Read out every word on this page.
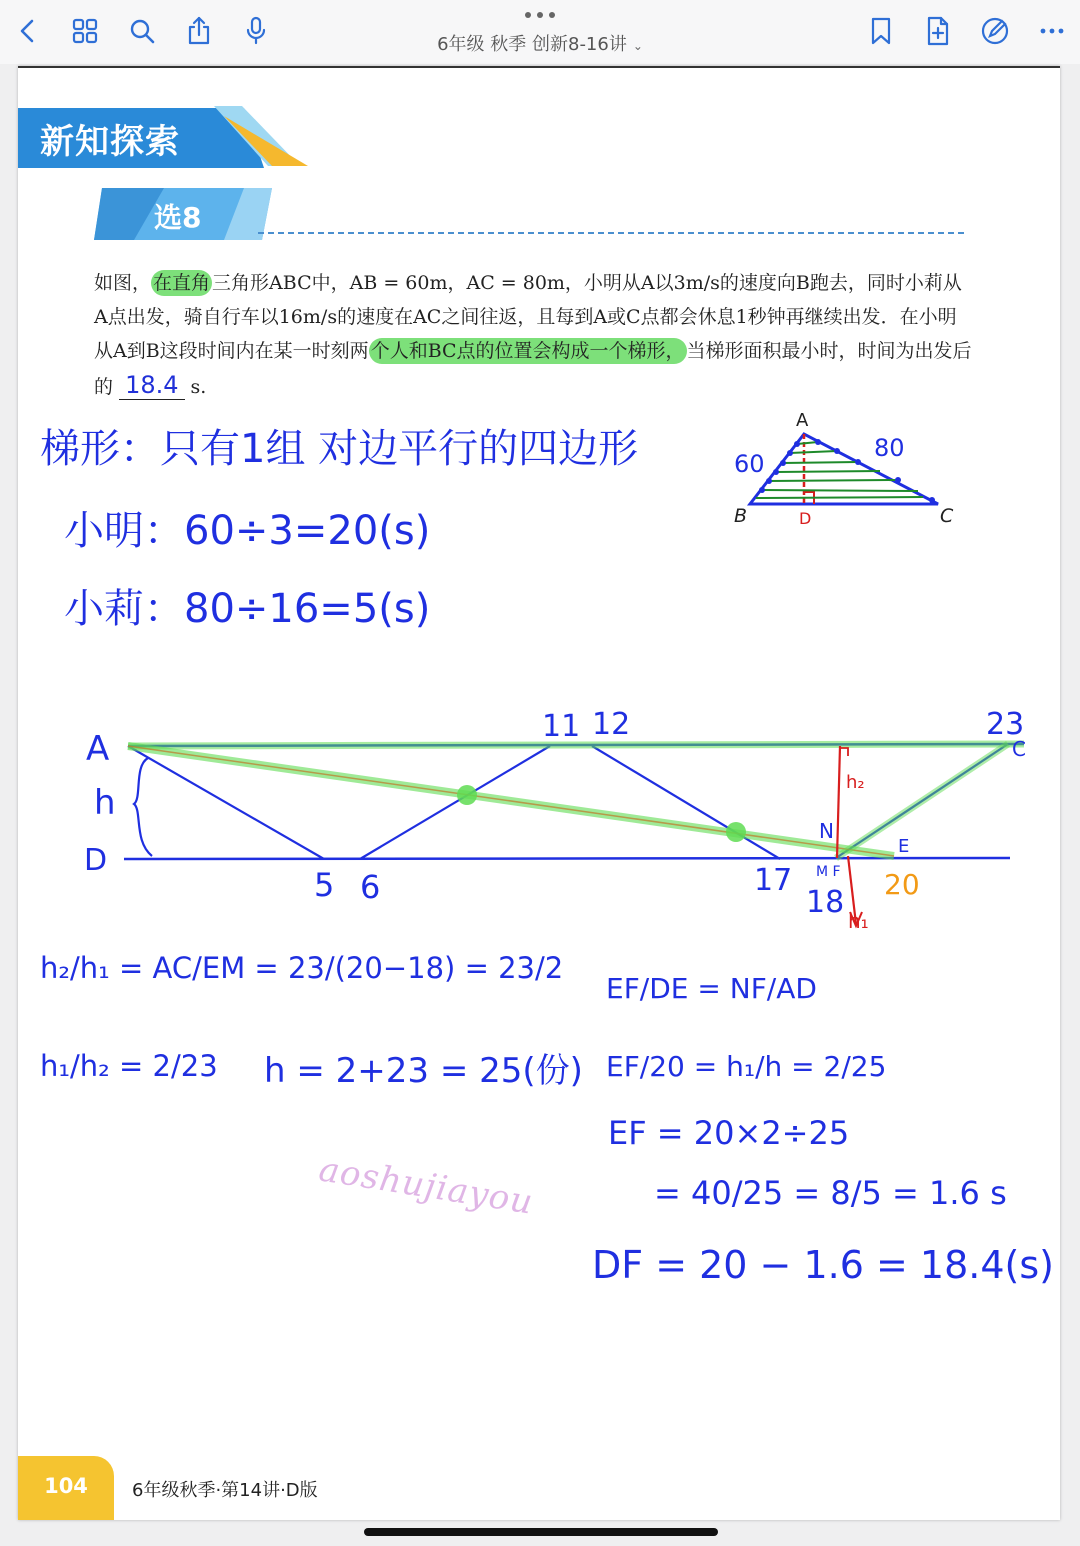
6年级 秋季 创新8-16讲 ⌄
新知探索
选8
如图， 在直角 三角形ABC中，AB = 60m，AC = 80m，小明从A以3m/s的速度向B跑去，同时小莉从A点出发，骑自行车以16m/s的速度在AC之间往返，且每到A或C点都会休息1秒钟再继续出发．在小明从A到B这段时间内在某一时刻两 个人和BC点的位置会构成一个梯形， 当梯形面积最小时，时间为出发后的 18.4 s.
梯形：只有1组 对边平行的四边形
小明：60÷3=20(s)
小莉：80÷16=5(s)
A
B	C
D
60
80
A
h
D
11 12	23
C
5 6	17
18
N
E
M F
h₂
h₁
20
h₂/h₁ = AC/EM = 23/(20−18) = 23/2
h₁/h₂ = 2/23 h = 2+23 = 25(份)
EF/DE = NF/AD
EF/20 = h₁/h = 2/25
EF = 20×2÷25
= 40/25 = 8/5 = 1.6 s
DF = 20 − 1.6 = 18.4(s)
aoshujiayou
104	6年级秋季·第14讲·D版
